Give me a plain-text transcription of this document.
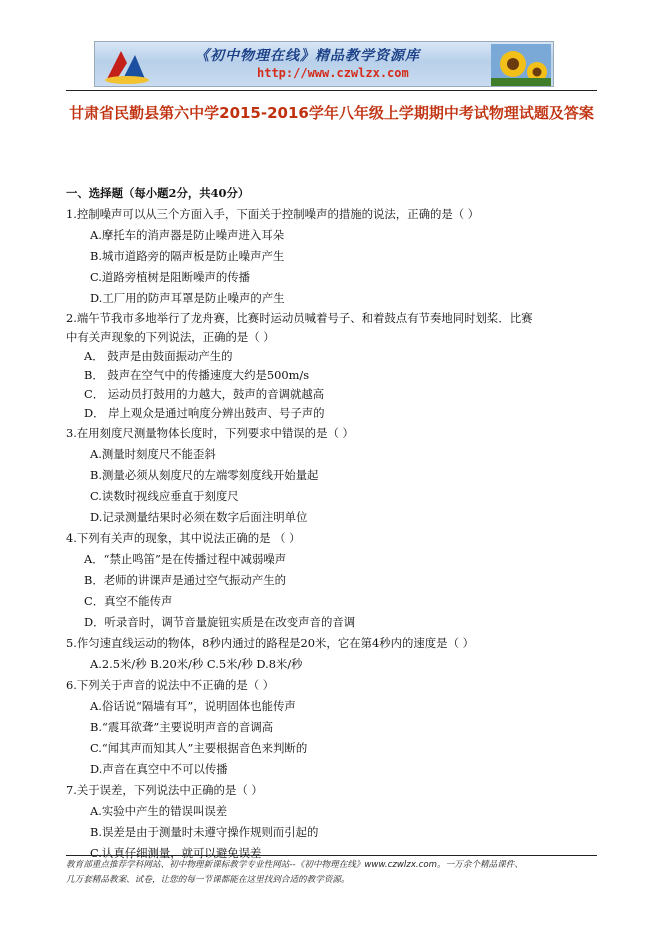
《初中物理在线》精品教学资源库
http://www.czwlzx.com
甘肃省民勤县第六中学2015-2016学年八年级上学期期中考试物理试题及答案
一、选择题（每小题2分，共40分）
1.控制噪声可以从三个方面入手，下面关于控制噪声的措施的说法，正确的是（ ）
A.摩托车的消声器是防止噪声进入耳朵
B.城市道路旁的隔声板是防止噪声产生
C.道路旁植树是阻断噪声的传播
D.工厂用的防声耳罩是防止噪声的产生
2.端午节我市多地举行了龙舟赛，比赛时运动员喊着号子、和着鼓点有节奏地同时划桨．比赛
中有关声现象的下列说法，正确的是（ ）
A． 鼓声是由鼓面振动产生的
B． 鼓声在空气中的传播速度大约是500m/s
C． 运动员打鼓用的力越大，鼓声的音调就越高
D． 岸上观众是通过响度分辨出鼓声、号子声的
3.在用刻度尺测量物体长度时，下列要求中错误的是（ ）
A.测量时刻度尺不能歪斜
B.测量必须从刻度尺的左端零刻度线开始量起
C.读数时视线应垂直于刻度尺
D.记录测量结果时必须在数字后面注明单位
4.下列有关声的现象，其中说法正确的是 （ ）
A．“禁止鸣笛”是在传播过程中减弱噪声
B．老师的讲课声是通过空气振动产生的
C．真空不能传声
D．听录音时，调节音量旋钮实质是在改变声音的音调
5.作匀速直线运动的物体，8秒内通过的路程是20米，它在第4秒内的速度是（ ）
A.2.5米/秒 B.20米/秒 C.5米/秒 D.8米/秒
6.下列关于声音的说法中不正确的是（ ）
A.俗话说“隔墙有耳”，说明固体也能传声
B.“震耳欲聋”主要说明声音的音调高
C.“闻其声而知其人”主要根据音色来判断的
D.声音在真空中不可以传播
7.关于误差，下列说法中正确的是（ ）
A.实验中产生的错误叫误差
B.误差是由于测量时未遵守操作规则而引起的
C.认真仔细测量，就可以避免误差
教育部重点推荐学科网站、初中物理新课标教学专业性网站--《初中物理在线》www.czwlzx.com。一万余个精品课件、
几万套精品教案、试卷，让您的每一节课都能在这里找到合适的教学资源。
